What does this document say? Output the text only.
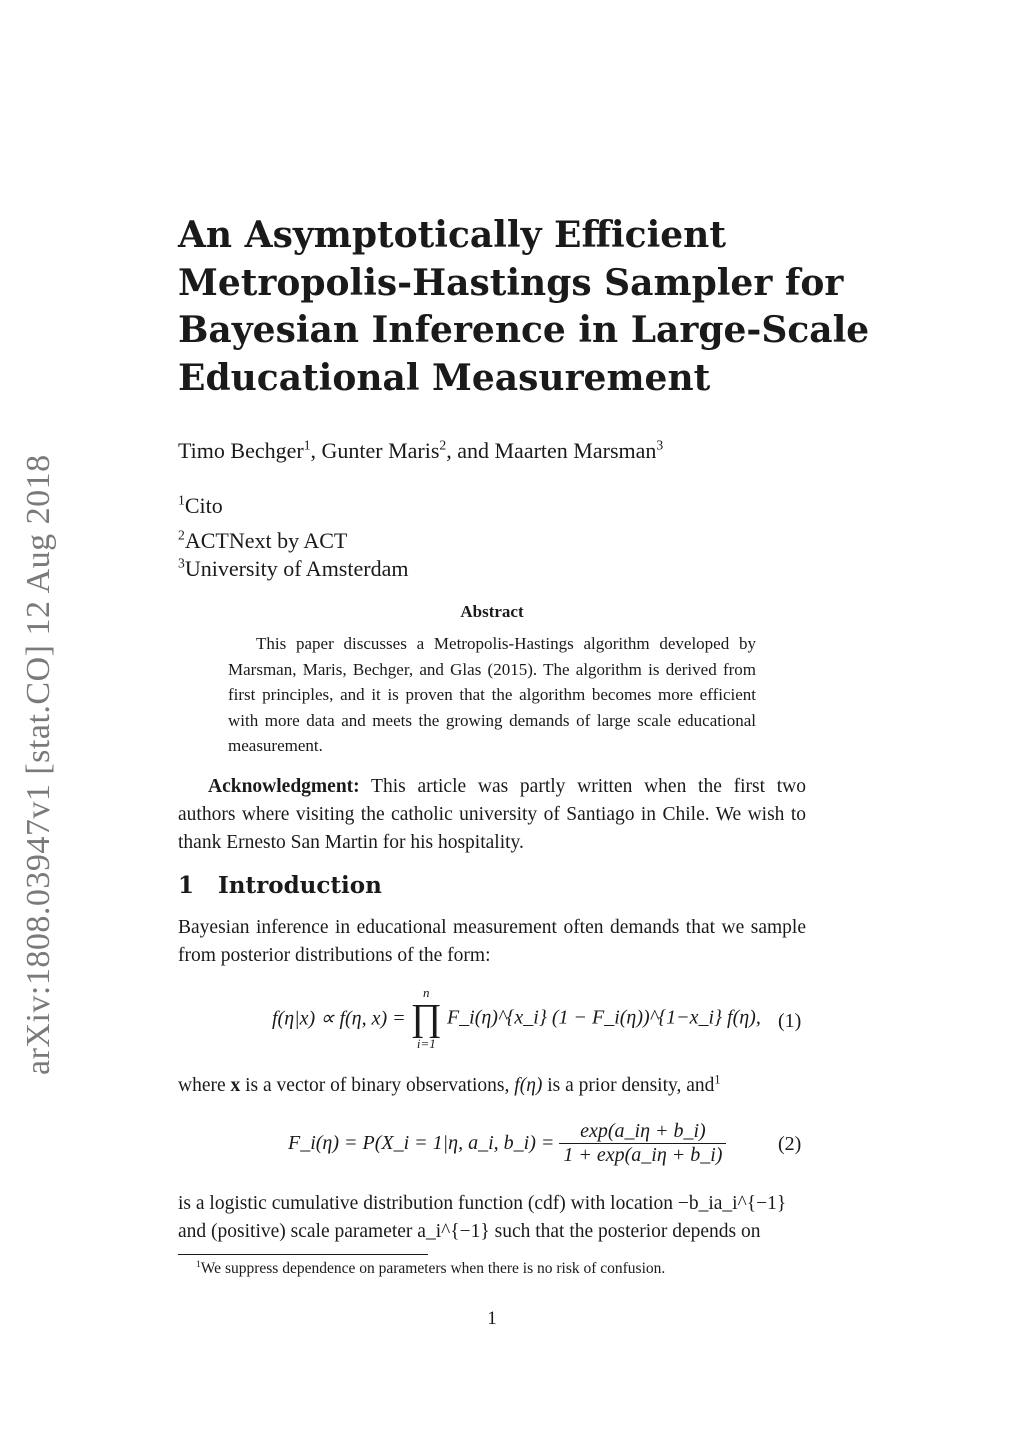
arXiv:1808.03947v1 [stat.CO] 12 Aug 2018
An Asymptotically Efficient
Metropolis-Hastings Sampler for
Bayesian Inference in Large-Scale
Educational Measurement
Timo Bechger$^1$, Gunter Maris$^2$, and Maarten Marsman$^3$
$^1$Cito
$^2$ACTNext by ACT
$^3$University of Amsterdam
Abstract
This paper discusses a Metropolis-Hastings algorithm developed by Marsman, Maris, Bechger, and Glas (2015). The algorithm is derived from first principles, and it is proven that the algorithm becomes more efficient with more data and meets the growing demands of large scale educational measurement.
Acknowledgment: This article was partly written when the first two authors where visiting the catholic university of Santiago in Chile. We wish to thank Ernesto San Martin for his hospitality.
1 Introduction
Bayesian inference in educational measurement often demands that we sample from posterior distributions of the form:
f(η|x) ∝ f(η, x) =
n
∏
i=1
F_i(η)^{x_i} (1 − F_i(η))^{1−x_i} f(η), (1)
where x is a vector of binary observations, f(η) is a prior density, and$^1$
F_i(η) = P(X_i = 1|η, a_i, b_i) = $\frac{\exp(a\_i\eta + b\_i)}{1 + \exp(a\_i\eta + b\_i)}$	(2)
is a logistic cumulative distribution function (cdf) with location −b_ia_i^{−1}
and (positive) scale parameter a_i^{−1} such that the posterior depends on
$^1$We suppress dependence on parameters when there is no risk of confusion.
1
